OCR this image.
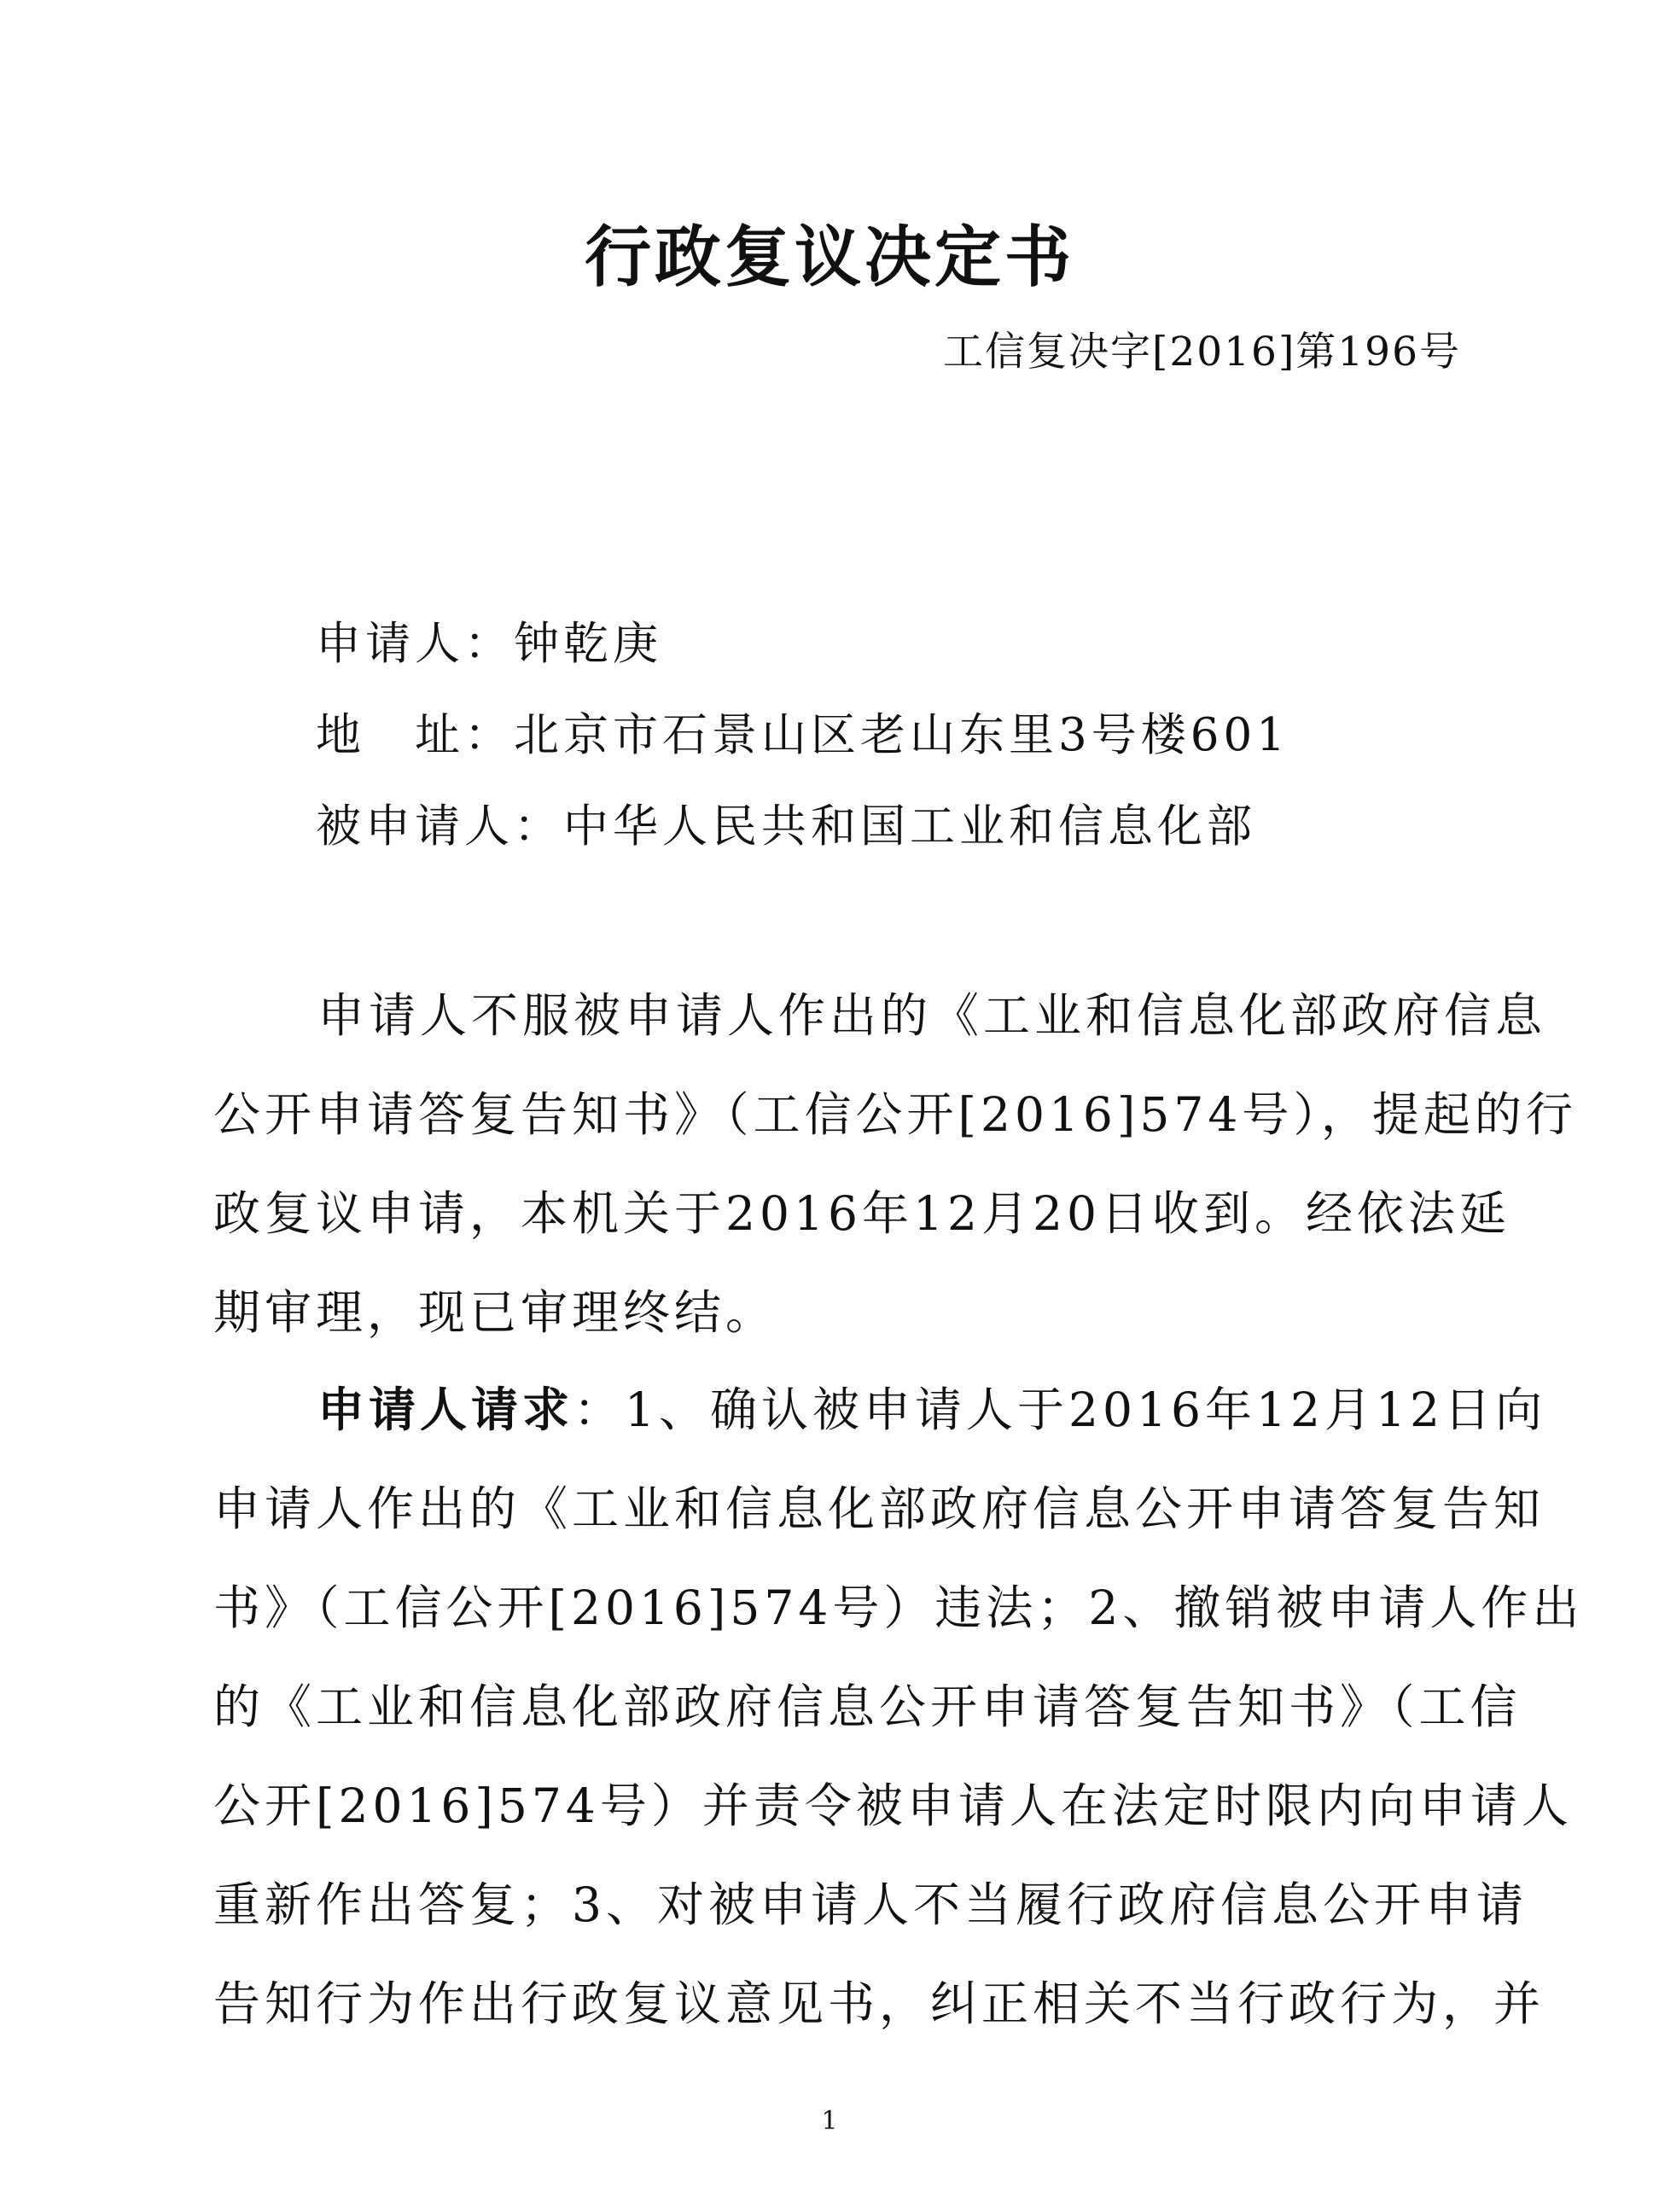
行政复议决定书
工信复决字[2016]第196号
申请人：钟乾庚
地　址：北京市石景山区老山东里3号楼601
被申请人：中华人民共和国工业和信息化部
申请人不服被申请人作出的《工业和信息化部政府信息
公开申请答复告知书》（工信公开[2016]574号），提起的行
政复议申请，本机关于2016年12月20日收到。经依法延
期审理，现已审理终结。
申请人请求：1、确认被申请人于2016年12月12日向
申请人作出的《工业和信息化部政府信息公开申请答复告知
书》（工信公开[2016]574号）违法；2、撤销被申请人作出
的《工业和信息化部政府信息公开申请答复告知书》（工信
公开[2016]574号）并责令被申请人在法定时限内向申请人
重新作出答复；3、对被申请人不当履行政府信息公开申请
告知行为作出行政复议意见书，纠正相关不当行政行为，并
1
